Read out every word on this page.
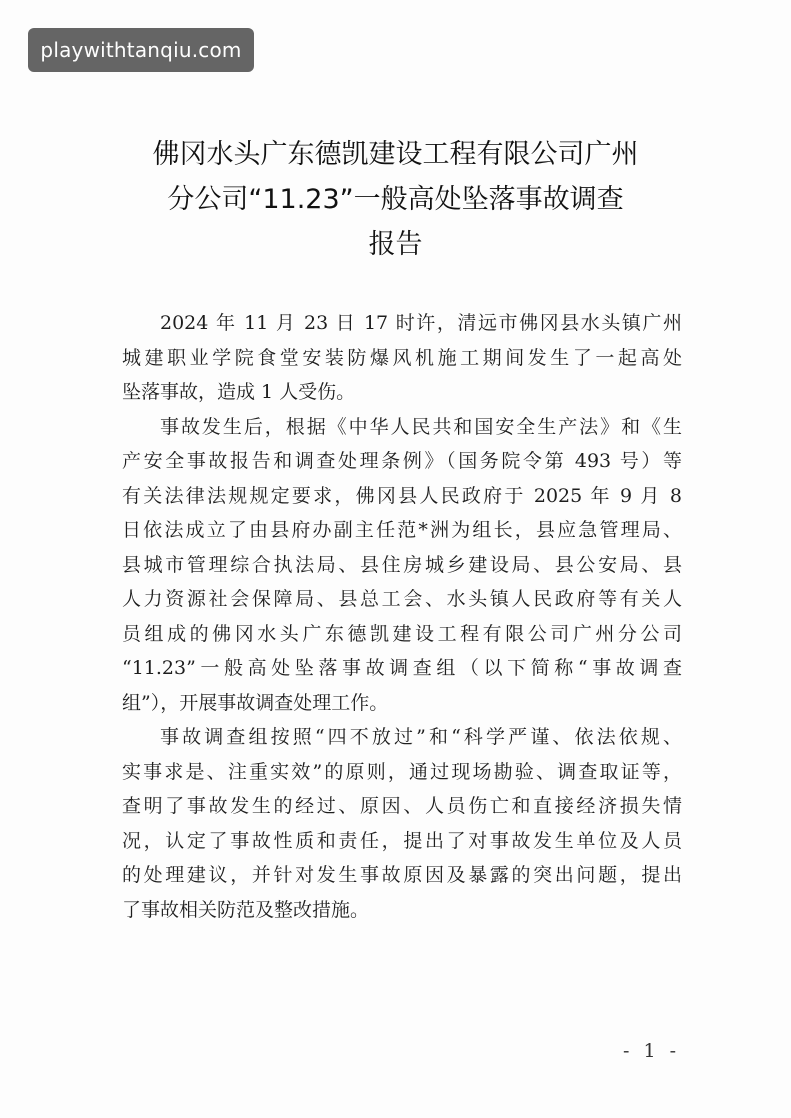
playwithtanqiu.com
佛冈水头广东德凯建设工程有限公司广州
分公司“11.23”一般高处坠落事故调查
报告

2024 年 11 月 23 日 17 时许，清远市佛冈县水头镇广州
城建职业学院食堂安装防爆风机施工期间发生了一起高处
坠落事故，造成 1 人受伤。

事故发生后，根据《中华人民共和国安全生产法》和《生
产安全事故报告和调查处理条例》（国务院令第 493 号）等
有关法律法规规定要求，佛冈县人民政府于 2025 年 9 月 8
日依法成立了由县府办副主任范*洲为组长，县应急管理局、
县城市管理综合执法局、县住房城乡建设局、县公安局、县
人力资源社会保障局、县总工会、水头镇人民政府等有关人
员组成的佛冈水头广东德凯建设工程有限公司广州分公司
“11.23”一般高处坠落事故调查组（以下简称“事故调查
组”），开展事故调查处理工作。

事故调查组按照“四不放过”和“科学严谨、依法依规、
实事求是、注重实效”的原则，通过现场勘验、调查取证等，
查明了事故发生的经过、原因、人员伤亡和直接经济损失情
况，认定了事故性质和责任，提出了对事故发生单位及人员
的处理建议，并针对发生事故原因及暴露的突出问题，提出
了事故相关防范及整改措施。

- 1 -
